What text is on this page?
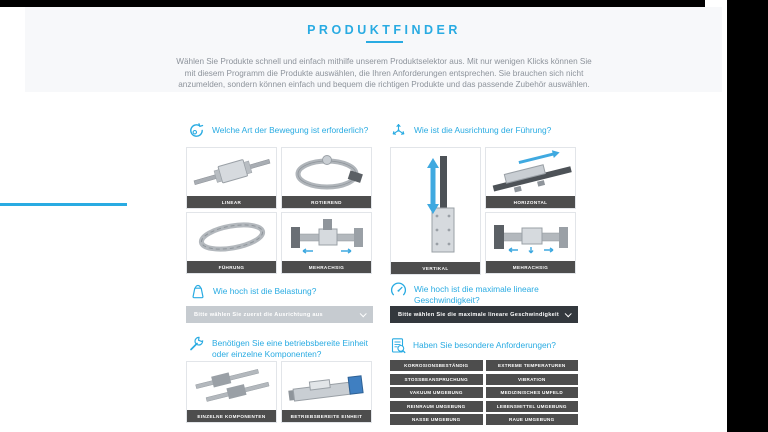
PRODUKTFINDER

Wählen Sie Produkte schnell und einfach mithilfe unserem Produktselektor aus. Mit nur wenigen Klicks können Sie mit diesem Programm die Produkte auswählen, die Ihren Anforderungen entsprechen. Sie brauchen sich nicht anzumelden, sondern können einfach und bequem die richtigen Produkte und das passende Zubehör auswählen.

Welche Art der Bewegung ist erforderlich?
LINEAR	ROTIEREND
FÜHRUNG	MEHRACHSIG
Wie ist die Ausrichtung der Führung?
VERTIKAL
HORIZONTAL
MEHRACHSIG
Wie hoch ist die Belastung?
Bitte wählen Sie zuerst die Ausrichtung aus
Wie hoch ist die maximale lineare Geschwindigkeit?
Bitte wählen Sie die maximale lineare Geschwindigkeit
Benötigen Sie eine betriebsbereite Einheit oder einzelne Komponenten?
EINZELNE KOMPONENTEN	BETRIEBSBEREITE EINHEIT
Haben Sie besondere Anforderungen?
KORROSIONSBESTÄNDIG	EXTREME TEMPERATUREN
STOSSBEANSPRUCHUNG	VIBRATION
VAKUUM UMGEBUNG	MEDIZINISCHES UMFELD
REINRAUM UMGEBUNG	LEBENSMITTEL UMGEBUNG
NASSE UMGEBUNG	RAUE UMGEBUNG
